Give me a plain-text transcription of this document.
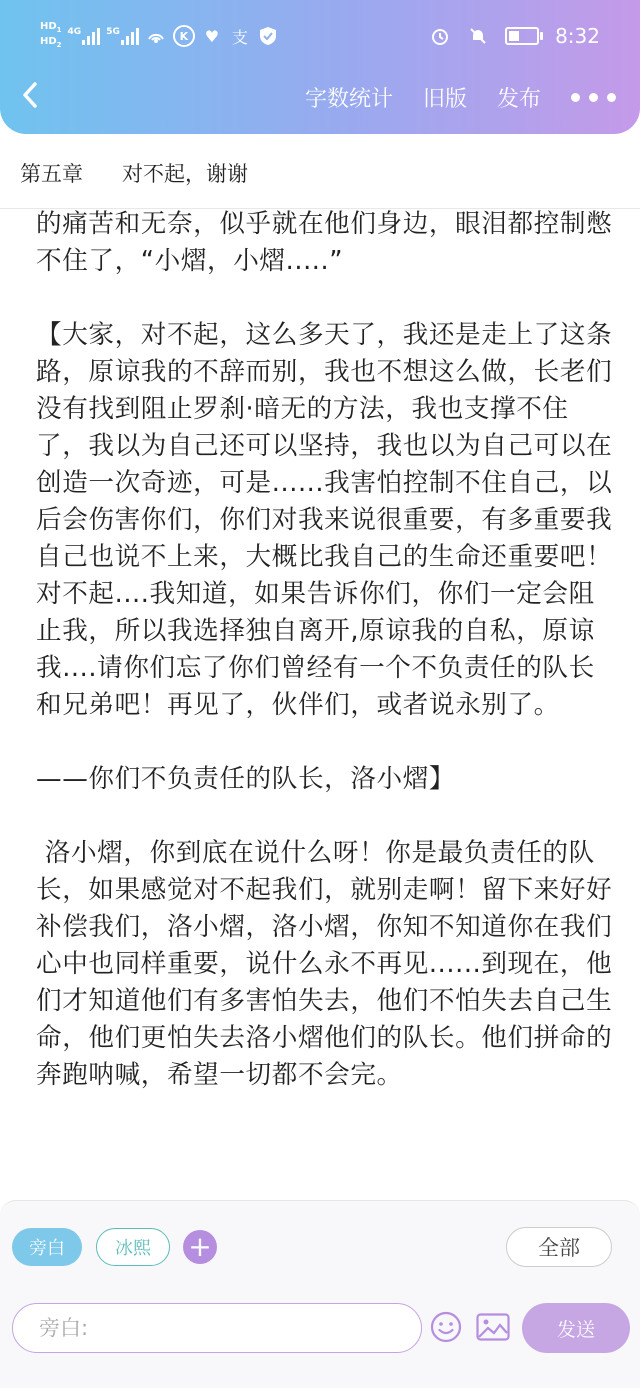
$HD_1$
$HD_2$
4G	5G	K	♥ 支	8:32
字数统计 旧版 发布
第五章 对不起，谢谢

的痛苦和无奈，似乎就在他们身边，眼泪都控制憋不住了，“小熠，小熠.....”

【大家，对不起，这么多天了，我还是走上了这条路，原谅我的不辞而别，我也不想这么做，长老们没有找到阻止罗刹·暗无的方法，我也支撑不住了，我以为自己还可以坚持，我也以为自己可以在创造一次奇迹，可是......我害怕控制不住自己，以后会伤害你们，你们对我来说很重要，有多重要我自己也说不上来，大概比我自己的生命还重要吧！对不起....我知道，如果告诉你们，你们一定会阻止我，所以我选择独自离开,原谅我的自私，原谅我....请你们忘了你们曾经有一个不负责任的队长和兄弟吧！再见了，伙伴们，或者说永别了。

——你们不负责任的队长，洛小熠】

洛小熠，你到底在说什么呀！你是最负责任的队长，如果感觉对不起我们，就别走啊！留下来好好补偿我们，洛小熠，洛小熠，你知不知道你在我们心中也同样重要，说什么永不再见......到现在，他们才知道他们有多害怕失去，他们不怕失去自己生命，他们更怕失去洛小熠他们的队长。他们拼命的奔跑呐喊，希望一切都不会完。

旁白	冰熙	+	全部
旁白:
发送
